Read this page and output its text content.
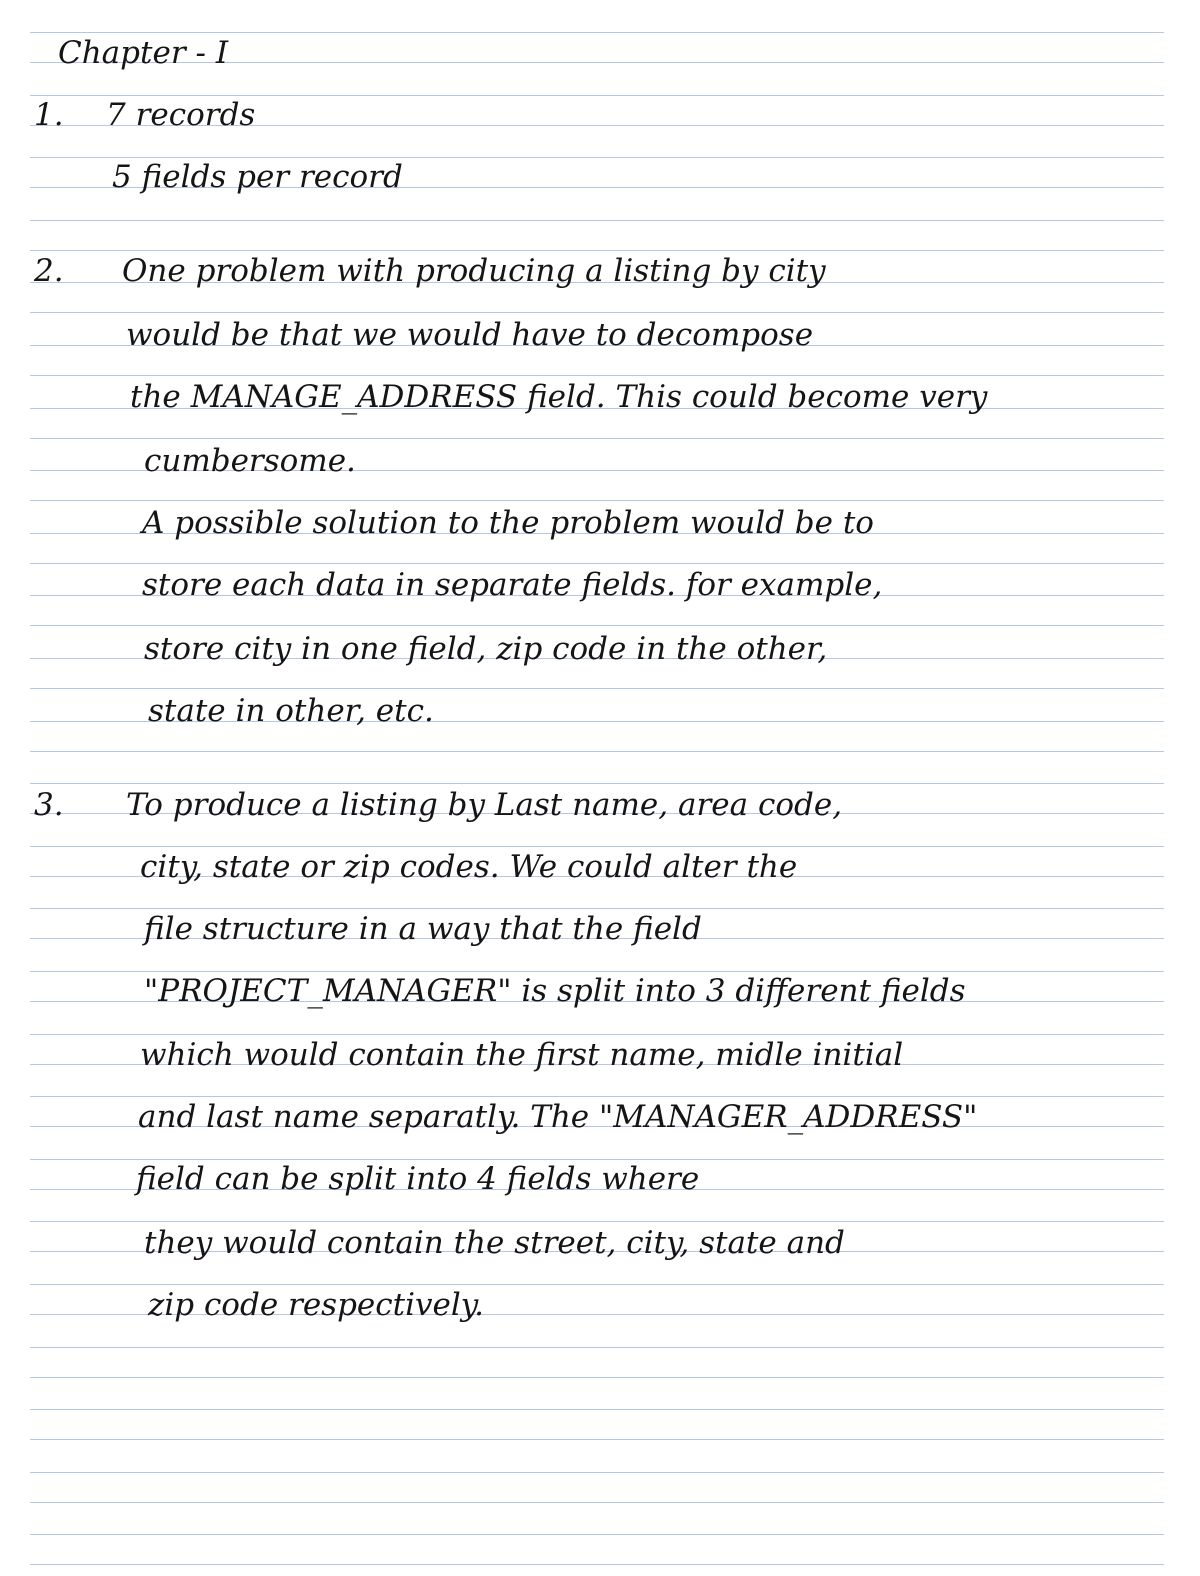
Chapter - I
1. 7 records
5 fields per record
2. One problem with producing a listing by city
would be that we would have to decompose
the MANAGE_ADDRESS field. This could become very
cumbersome.
A possible solution to the problem would be to
store each data in separate fields. for example,
store city in one field, zip code in the other,
state in other, etc.
3. To produce a listing by Last name, area code,
city, state or zip codes. We could alter the
file structure in a way that the field
"PROJECT_MANAGER" is split into 3 different fields
which would contain the first name, midle initial
and last name separatly. The "MANAGER_ADDRESS"
field can be split into 4 fields where
they would contain the street, city, state and
zip code respectively.
